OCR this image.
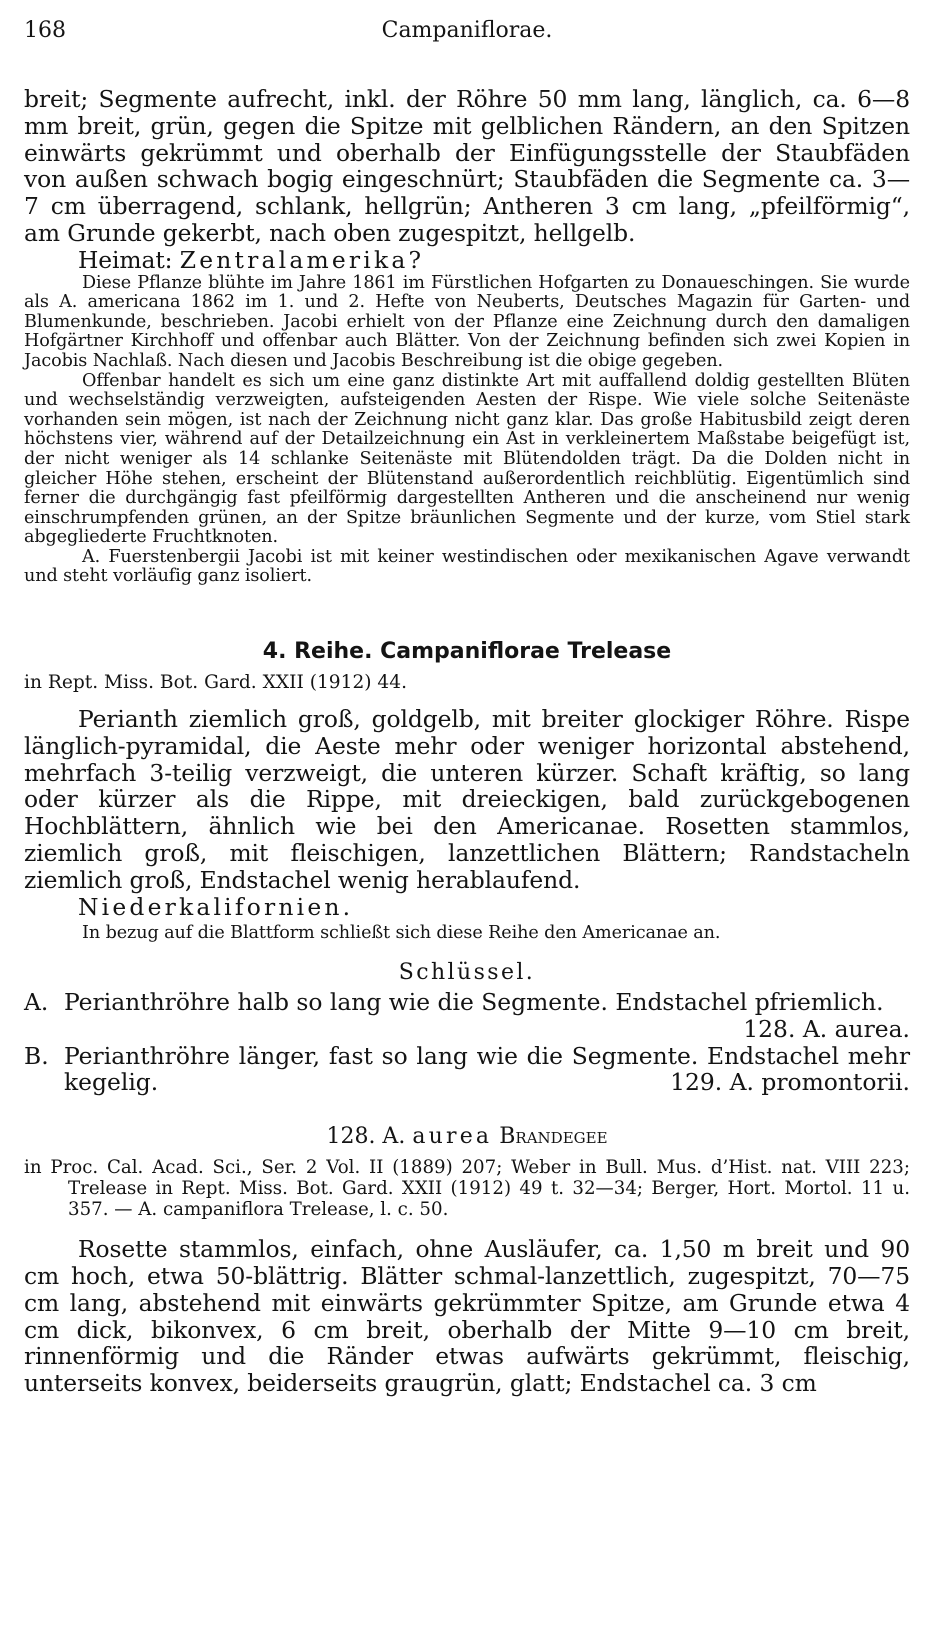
168	Campaniflorae.

breit; Segmente aufrecht, inkl. der Röhre 50 mm lang, länglich, ca. 6—8 mm breit, grün, gegen die Spitze mit gelblichen Rändern, an den Spitzen einwärts gekrümmt und oberhalb der Einfügungsstelle der Staubfäden von außen schwach bogig eingeschnürt; Staubfäden die Segmente ca. 3—7 cm überragend, schlank, hellgrün; Antheren 3 cm lang, „pfeilförmig“, am Grunde gekerbt, nach oben zugespitzt, hellgelb.

Heimat: Zentralamerika?

Diese Pflanze blühte im Jahre 1861 im Fürstlichen Hofgarten zu Donaueschingen. Sie wurde als A. americana 1862 im 1. und 2. Hefte von Neuberts, Deutsches Magazin für Garten- und Blumenkunde, beschrieben. Jacobi erhielt von der Pflanze eine Zeichnung durch den damaligen Hofgärtner Kirchhoff und offenbar auch Blätter. Von der Zeichnung befinden sich zwei Kopien in Jacobis Nachlaß. Nach diesen und Jacobis Beschreibung ist die obige gegeben.

Offenbar handelt es sich um eine ganz distinkte Art mit auffallend doldig gestellten Blüten und wechselständig verzweigten, aufsteigenden Aesten der Rispe. Wie viele solche Seitenäste vorhanden sein mögen, ist nach der Zeichnung nicht ganz klar. Das große Habitusbild zeigt deren höchstens vier, während auf der Detailzeichnung ein Ast in verkleinertem Maßstabe beigefügt ist, der nicht weniger als 14 schlanke Seitenäste mit Blütendolden trägt. Da die Dolden nicht in gleicher Höhe stehen, erscheint der Blütenstand außerordentlich reichblütig. Eigentümlich sind ferner die durchgängig fast pfeilförmig dargestellten Antheren und die anscheinend nur wenig einschrumpfenden grünen, an der Spitze bräunlichen Segmente und der kurze, vom Stiel stark abgegliederte Fruchtknoten.

A. Fuerstenbergii Jacobi ist mit keiner westindischen oder mexikanischen Agave verwandt und steht vorläufig ganz isoliert.

4. Reihe. Campaniflorae Trelease

in Rept. Miss. Bot. Gard. XXII (1912) 44.

Perianth ziemlich groß, goldgelb, mit breiter glockiger Röhre. Rispe länglich-pyramidal, die Aeste mehr oder weniger horizontal abstehend, mehrfach 3-teilig verzweigt, die unteren kürzer. Schaft kräftig, so lang oder kürzer als die Rippe, mit dreieckigen, bald zurückgebogenen Hochblättern, ähnlich wie bei den Americanae. Rosetten stammlos, ziemlich groß, mit fleischigen, lanzettlichen Blättern; Randstacheln ziemlich groß, Endstachel wenig herablaufend.

Niederkalifornien.

In bezug auf die Blattform schließt sich diese Reihe den Americanae an.

Schlüssel.
A. Perianthröhre halb so lang wie die Segmente. Endstachel pfriemlich.
128. A. aurea.
B. Perianthröhre länger, fast so lang wie die Segmente. Endstachel mehr kegelig.	129. A. promontorii.
128. A. aurea Brandegee

in Proc. Cal. Acad. Sci., Ser. 2 Vol. II (1889) 207; Weber in Bull. Mus. d’Hist. nat. VIII 223; Trelease in Rept. Miss. Bot. Gard. XXII (1912) 49 t. 32—34; Berger, Hort. Mortol. 11 u. 357. — A. campaniflora Trelease, l. c. 50.

Rosette stammlos, einfach, ohne Ausläufer, ca. 1,50 m breit und 90 cm hoch, etwa 50-blättrig. Blätter schmal-lanzettlich, zugespitzt, 70—75 cm lang, abstehend mit einwärts gekrümmter Spitze, am Grunde etwa 4 cm dick, bikonvex, 6 cm breit, oberhalb der Mitte 9—10 cm breit, rinnenförmig und die Ränder etwas aufwärts gekrümmt, fleischig, unterseits konvex, beiderseits graugrün, glatt; Endstachel ca. 3 cm
